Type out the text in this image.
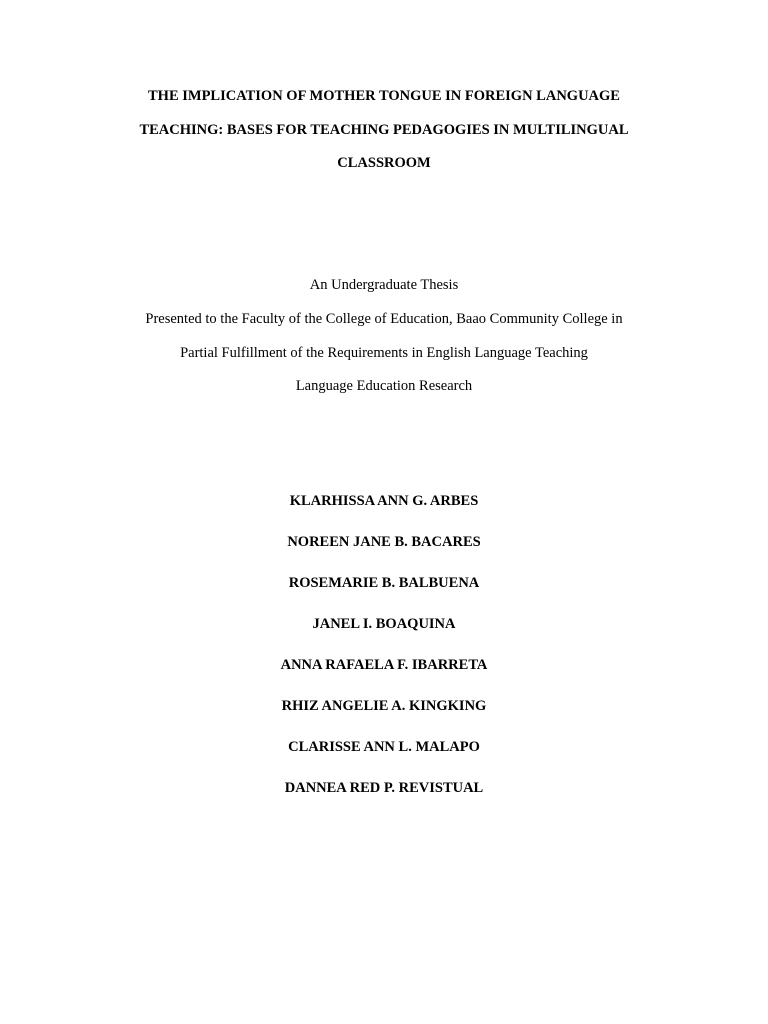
THE IMPLICATION OF MOTHER TONGUE IN FOREIGN LANGUAGE

TEACHING: BASES FOR TEACHING PEDAGOGIES IN MULTILINGUAL

CLASSROOM

An Undergraduate Thesis

Presented to the Faculty of the College of Education, Baao Community College in

Partial Fulfillment of the Requirements in English Language Teaching

Language Education Research

KLARHISSA ANN G. ARBES

NOREEN JANE B. BACARES

ROSEMARIE B. BALBUENA

JANEL I. BOAQUINA

ANNA RAFAELA F. IBARRETA

RHIZ ANGELIE A. KINGKING

CLARISSE ANN L. MALAPO

DANNEA RED P. REVISTUAL
